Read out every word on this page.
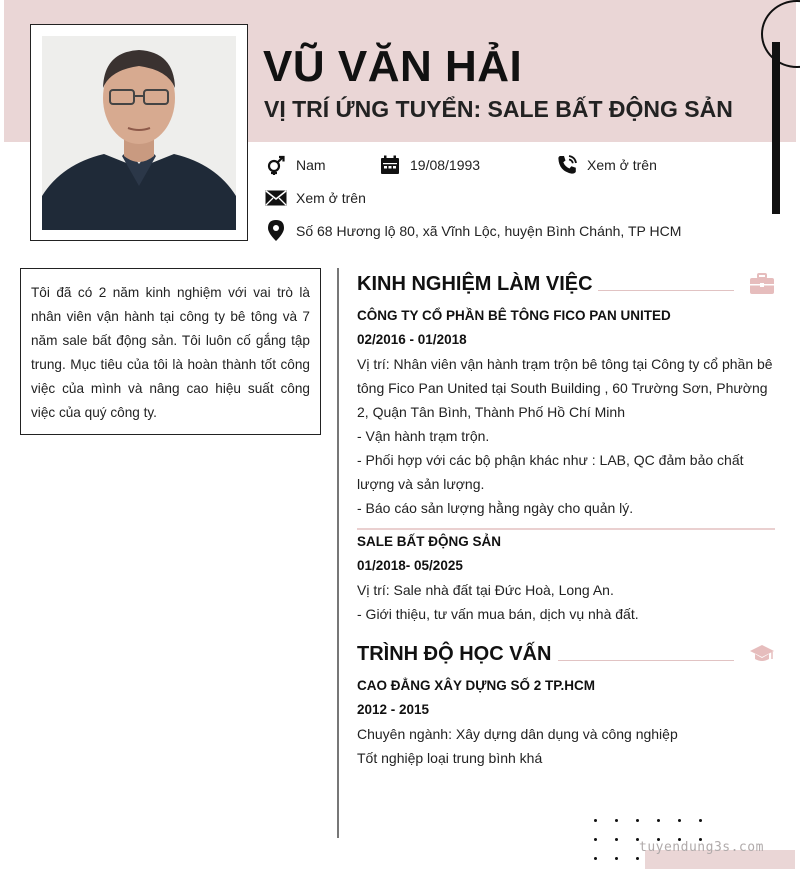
VŨ VĂN HẢI
VỊ TRÍ ỨNG TUYỂN: SALE BẤT ĐỘNG SẢN
Nam	19/08/1993	Xem ở trên
Xem ở trên
Số 68 Hương lộ 80, xã Vĩnh Lộc, huyện Bình Chánh, TP HCM

Tôi đã có 2 năm kinh nghiệm với vai trò là nhân viên vận hành tại công ty bê tông và 7 năm sale bất động sản. Tôi luôn cố gắng tập trung. Mục tiêu của tôi là hoàn thành tốt công việc của mình và nâng cao hiệu suất công việc của quý công ty.

KINH NGHIỆM LÀM VIỆC
CÔNG TY CỔ PHẦN BÊ TÔNG FICO PAN UNITED
02/2016 - 01/2018

Vị trí: Nhân viên vận hành trạm trộn bê tông tại Công ty cổ phần bê tông Fico Pan United tại South Building , 60 Trường Sơn, Phường 2, Quận Tân Bình, Thành Phố Hồ Chí Minh

- Vận hành trạm trộn.

- Phối hợp với các bộ phận khác như : LAB, QC đảm bảo chất lượng và sản lượng.

- Báo cáo sản lượng hằng ngày cho quản lý.

SALE BẤT ĐỘNG SẢN
01/2018- 05/2025

Vị trí: Sale nhà đất tại Đức Hoà, Long An.

- Giới thiệu, tư vấn mua bán, dịch vụ nhà đất.

TRÌNH ĐỘ HỌC VẤN
CAO ĐẲNG XÂY DỰNG SỐ 2 TP.HCM
2012 - 2015
Chuyên ngành: Xây dựng dân dụng và công nghiệp
Tốt nghiệp loại trung bình khá
tuyendung3s.com
